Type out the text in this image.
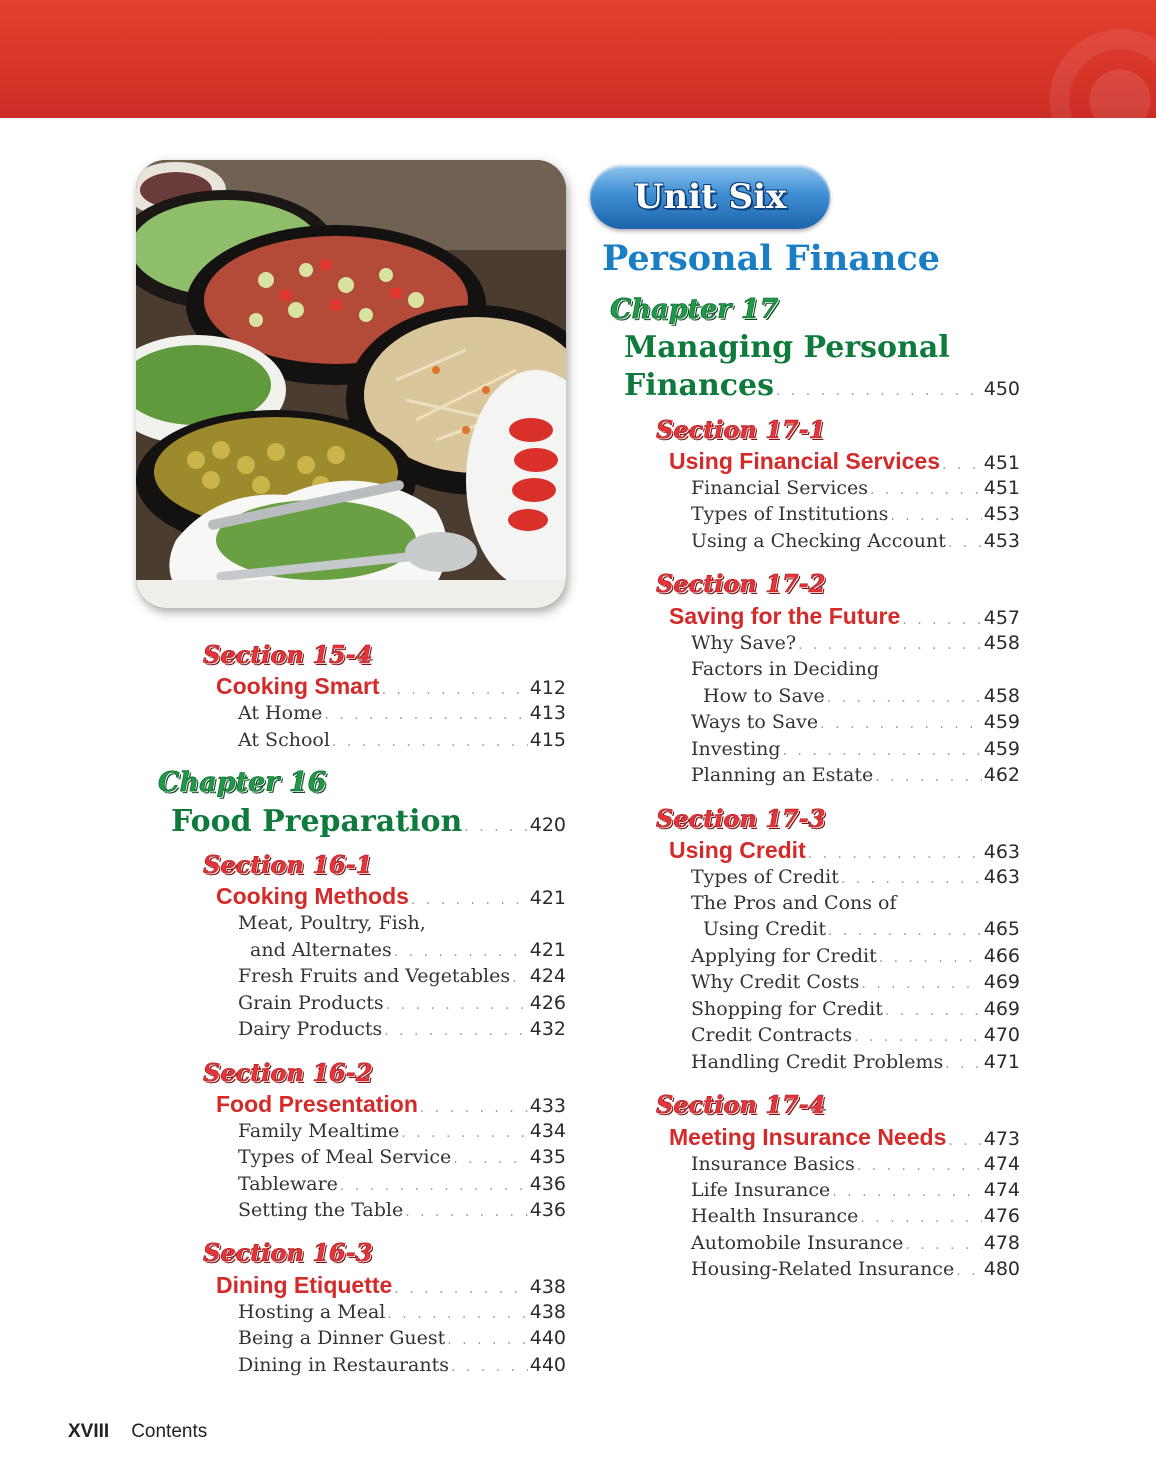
Section 15-4
Cooking Smart . . .	412
At Home . . .	413
At School . . .	415
Chapter 16
Food Preparation . . .	420
Section 16-1
Cooking Methods . . .	421
Meat, Poultry, Fish,
and Alternates . . .	421
Fresh Fruits and Vegetables . . . 424
Grain Products . . .	426
Dairy Products . . .	432
Section 16-2
Food Presentation . . .	433
Family Mealtime . . .	434
Types of Meal Service . . .	435
Tableware . . .	436
Setting the Table . . .	436
Section 16-3
Dining Etiquette . . .	438
Hosting a Meal . . .	438
Being a Dinner Guest . . .	440
Dining in Restaurants . . .	440
Unit Six
Personal Finance
Chapter 17
Managing Personal
Finances . . .	450
Section 17-1
Using Financial Services . . . 451
Financial Services . . .	451
Types of Institutions . . .	453
Using a Checking Account . . . 453
Section 17-2
Saving for the Future . . .	457
Why Save? . . .	458
Factors in Deciding
How to Save . . .	458
Ways to Save . . .	459
Investing . . .	459
Planning an Estate . . .	462
Section 17-3
Using Credit . . .	463
Types of Credit . . .	463
The Pros and Cons of
Using Credit . . .	465
Applying for Credit . . .	466
Why Credit Costs . . .	469
Shopping for Credit . . .	469
Credit Contracts . . .	470
Handling Credit Problems . . . 471
Section 17-4
Meeting Insurance Needs . . . 473
Insurance Basics . . .	474
Life Insurance . . .	474
Health Insurance . . .	476
Automobile Insurance . . .	478
Housing-Related Insurance . . . 480
XVIII Contents
